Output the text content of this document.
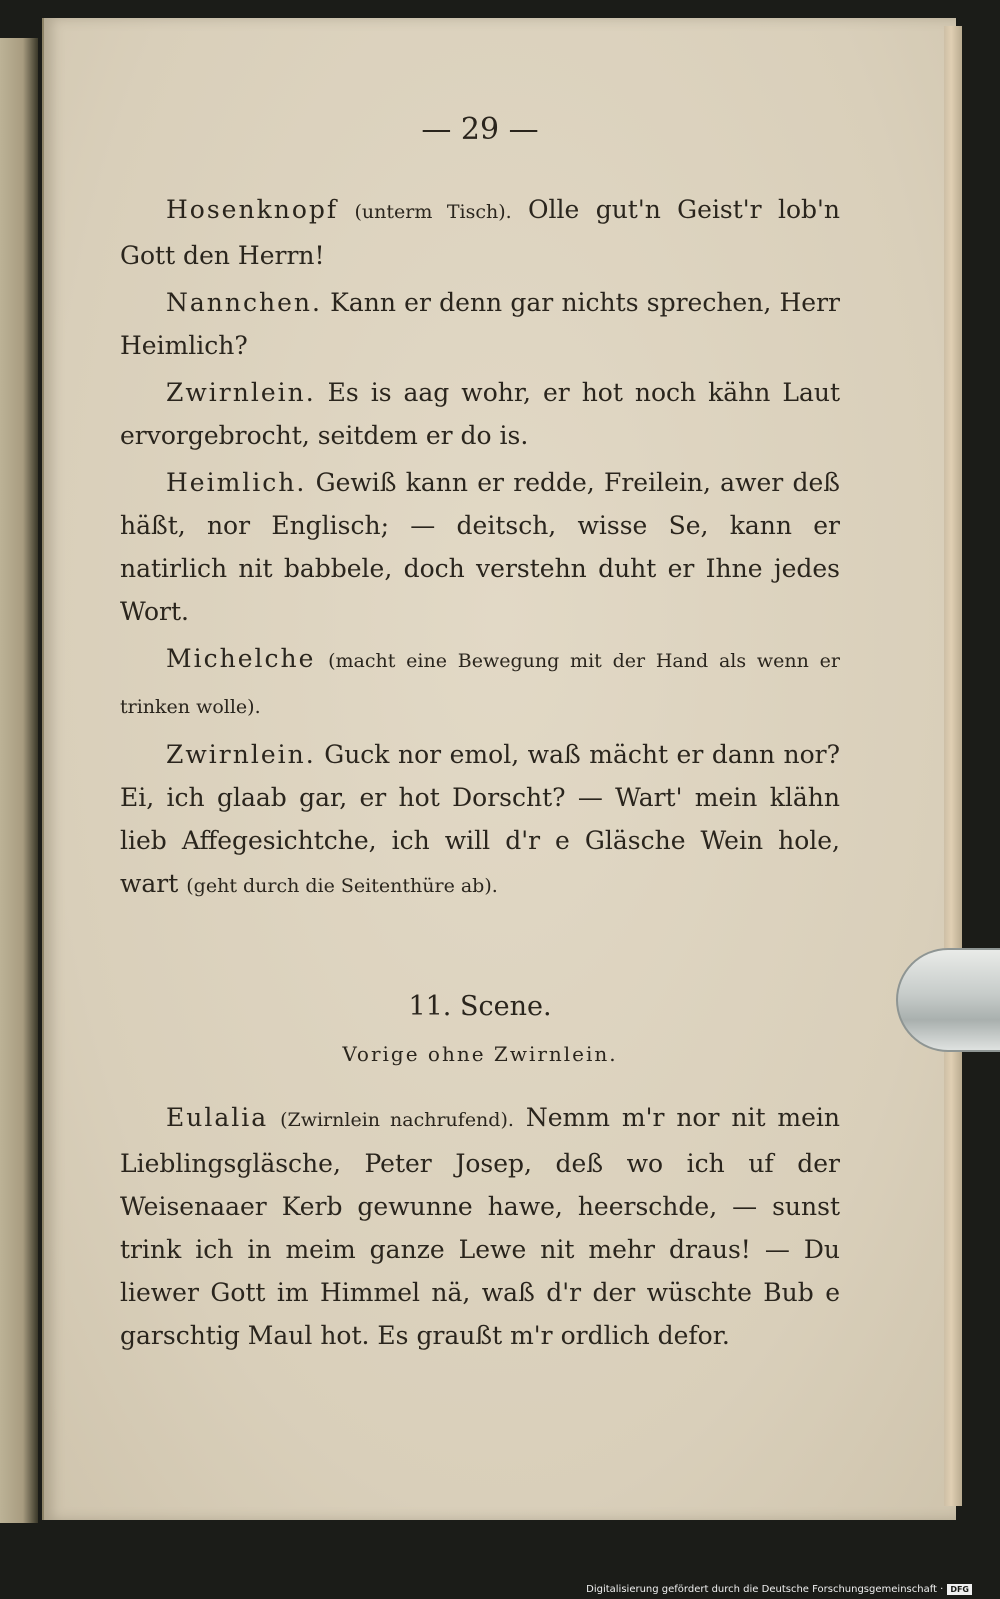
— 29 —

Hosenknopf (unterm Tisch). Olle gut'n Geist'r lob'n Gott den Herrn!

Nannchen. Kann er denn gar nichts sprechen, Herr Heimlich?

Zwirnlein. Es is aag wohr, er hot noch kähn Laut ervorgebrocht, seitdem er do is.

Heimlich. Gewiß kann er redde, Freilein, awer deß häßt, nor Englisch; — deitsch, wisse Se, kann er natirlich nit babbele, doch verstehn duht er Ihne jedes Wort.

Michelche (macht eine Bewegung mit der Hand als wenn er trinken wolle).

Zwirnlein. Guck nor emol, waß mächt er dann nor? Ei, ich glaab gar, er hot Dorscht? — Wart' mein klähn lieb Affegesichtche, ich will d'r e Gläsche Wein hole, wart (geht durch die Seitenthüre ab).

11. Scene.

Vorige ohne Zwirnlein.

Eulalia (Zwirnlein nachrufend). Nemm m'r nor nit mein Lieblingsgläsche, Peter Josep, deß wo ich uf der Weisenaaer Kerb gewunne hawe, heerschde, — sunst trink ich in meim ganze Lewe nit mehr draus! — Du liewer Gott im Himmel nä, waß d'r der wüschte Bub e garschtig Maul hot. Es graußt m'r ordlich defor.

Digitalisierung gefördert durch die Deutsche Forschungsgemeinschaft · DFG
